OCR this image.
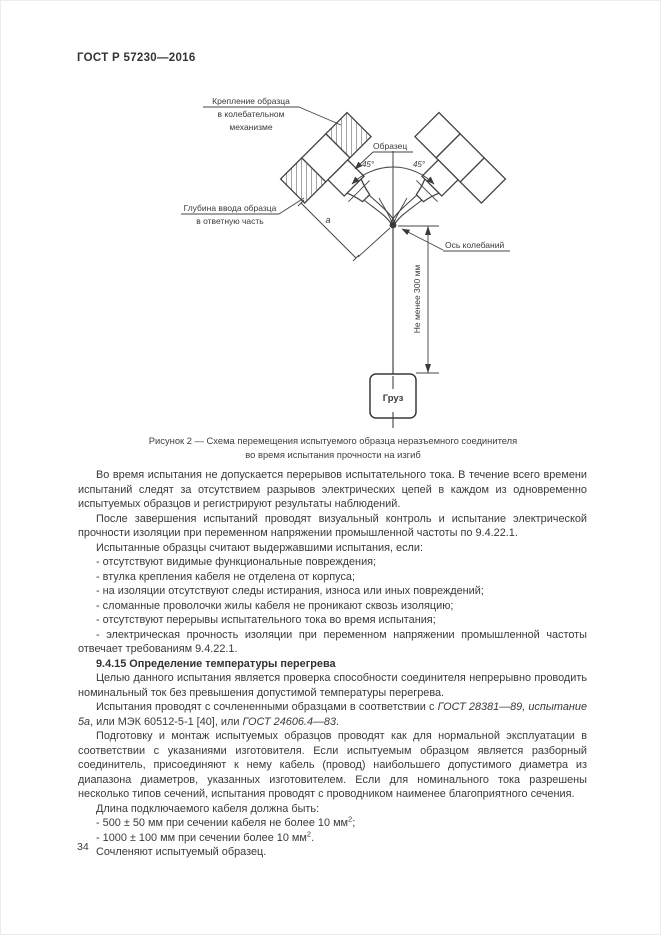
ГОСТ Р 57230—2016
45°	45°
Образец
Крепление образца
в колебательном
механизме
Глубина ввода образца
в ответную часть	а
Ось колебаний
Не менее 300 мм
Груз
Рисунок 2 — Схема перемещения испытуемого образца неразъемного соединителя
во время испытания прочности на изгиб

Во время испытания не допускается перерывов испытательного тока. В течение всего времени испытаний следят за отсутствием разрывов электрических цепей в каждом из одновременно испытуемых образцов и регистрируют результаты наблюдений.

После завершения испытаний проводят визуальный контроль и испытание электрической прочности изоляции при переменном напряжении промышленной частоты по 9.4.22.1.

Испытанные образцы считают выдержавшими испытания, если:

- отсутствуют видимые функциональные повреждения;

- втулка крепления кабеля не отделена от корпуса;

- на изоляции отсутствуют следы истирания, износа или иных повреждений;

- сломанные проволочки жилы кабеля не проникают сквозь изоляцию;

- отсутствуют перерывы испытательного тока во время испытания;

- электрическая прочность изоляции при переменном напряжении промышленной частоты отвечает требованиям 9.4.22.1.

9.4.15 Определение температуры перегрева

Целью данного испытания является проверка способности соединителя непрерывно проводить номинальный ток без превышения допустимой температуры перегрева.

Испытания проводят с сочлененными образцами в соответствии с ГОСТ 28381—89, испытание 5а, или МЭК 60512-5-1 [40], или ГОСТ 24606.4—83.

Подготовку и монтаж испытуемых образцов проводят как для нормальной эксплуатации в соответствии с указаниями изготовителя. Если испытуемым образцом является разборный соединитель, присоединяют к нему кабель (провод) наибольшего допустимого диаметра из диапазона диаметров, указанных изготовителем. Если для номинального тока разрешены несколько типов сечений, испытания проводят с проводником наименее благоприятного сечения.

Длина подключаемого кабеля должна быть:

- 500 ± 50 мм при сечении кабеля не более 10 $мм^2$;

- 1000 ± 100 мм при сечении более 10 $мм^2$.

Сочленяют испытуемый образец.

34
